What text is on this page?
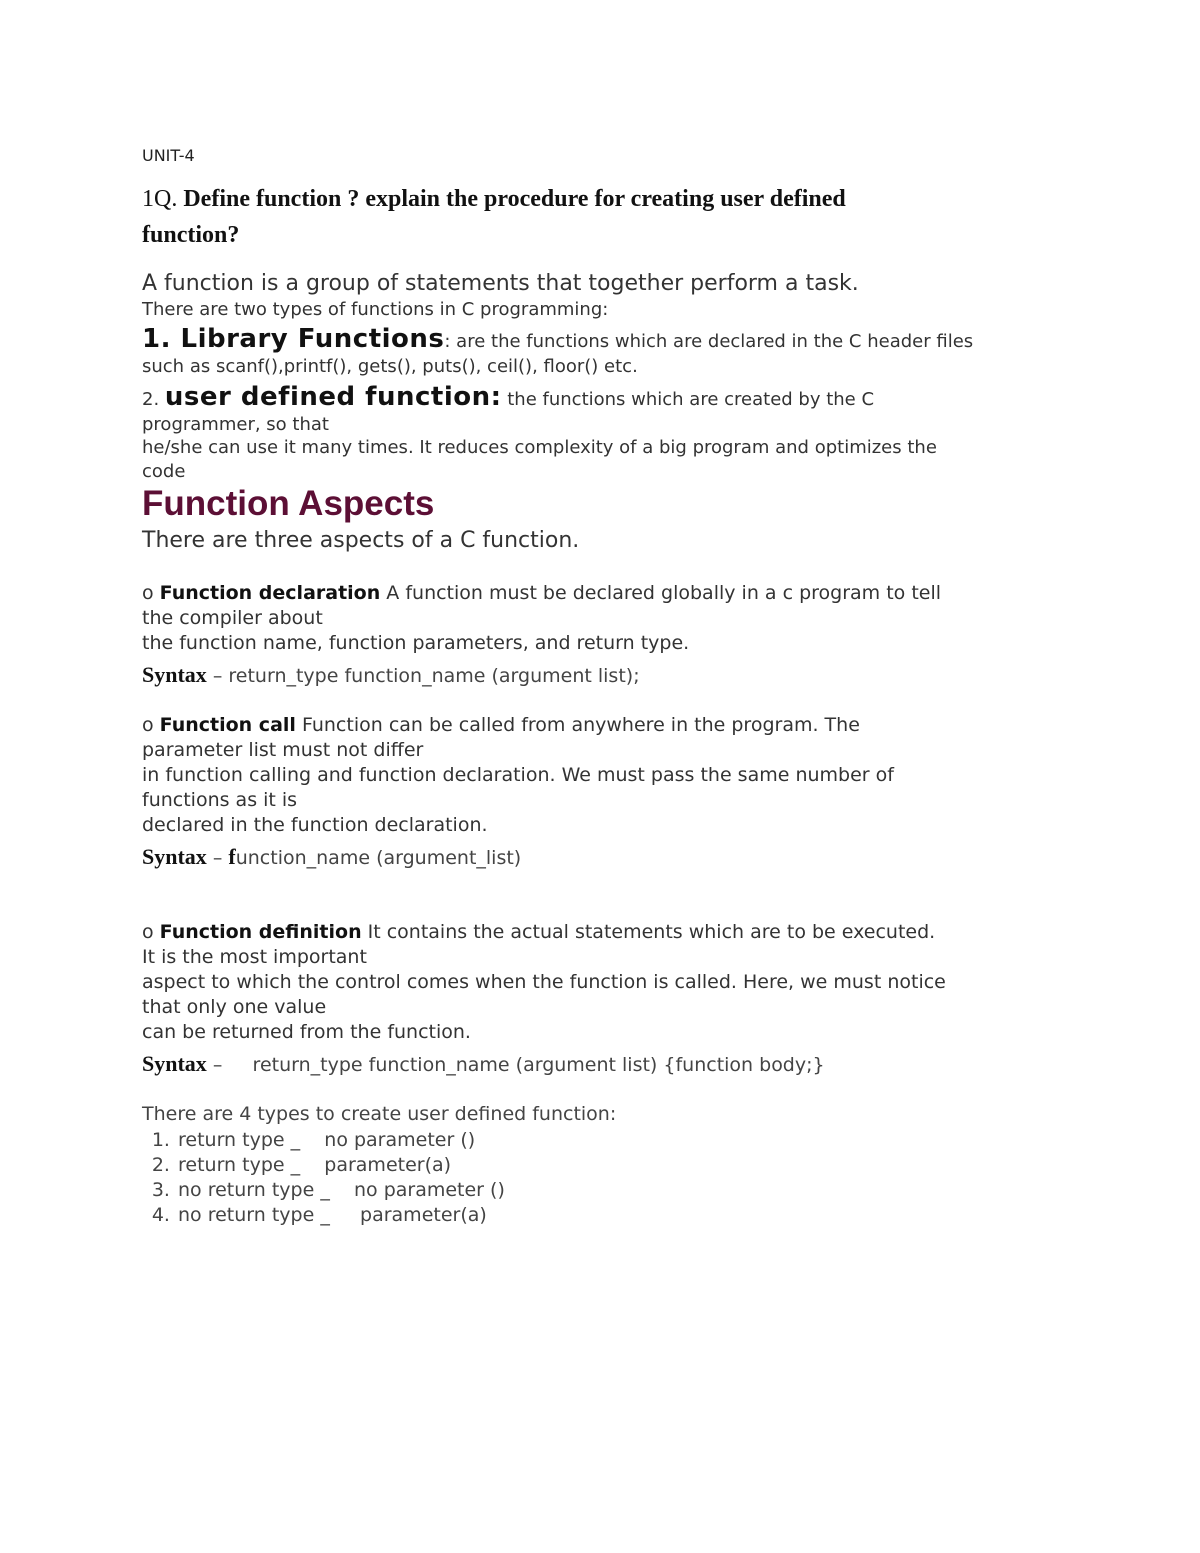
UNIT-4
1Q. Define function ? explain the procedure for creating user defined
function?
A function is a group of statements that together perform a task.
There are two types of functions in C programming:
1. Library Functions: are the functions which are declared in the C header files
such as scanf(),printf(), gets(), puts(), ceil(), floor() etc.
2. user defined function: the functions which are created by the C
programmer, so that
he/she can use it many times. It reduces complexity of a big program and optimizes the
code
Function Aspects
There are three aspects of a C function.
o Function declaration A function must be declared globally in a c program to tell
the compiler about
the function name, function parameters, and return type.
Syntax – return_type function_name (argument list);
o Function call Function can be called from anywhere in the program. The
parameter list must not differ
in function calling and function declaration. We must pass the same number of
functions as it is
declared in the function declaration.
Syntax – function_name (argument_list)
o Function definition It contains the actual statements which are to be executed.
It is the most important
aspect to which the control comes when the function is called. Here, we must notice
that only one value
can be returned from the function.
Syntax –     return_type function_name (argument list) {function body;}
There are 4 types to create user defined function:
1. return type _    no parameter ()
2. return type _    parameter(a)
3. no return type _    no parameter ()
4. no return type _     parameter(a)
